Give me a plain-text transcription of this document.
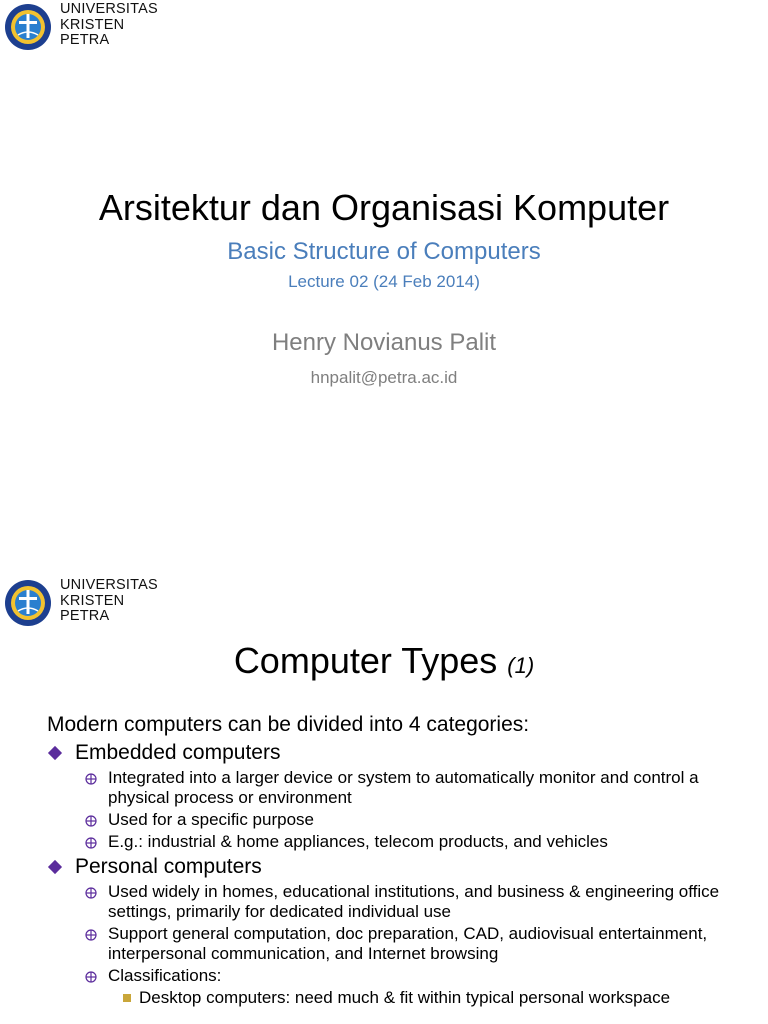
UNIVERSITAS
KRISTEN
PETRA
Arsitektur dan Organisasi Komputer
Basic Structure of Computers
Lecture 02 (24 Feb 2014)
Henry Novianus Palit
hnpalit@petra.ac.id
UNIVERSITAS
KRISTEN
PETRA
Computer Types (1)
Modern computers can be divided into 4 categories:
Embedded computers
Integrated into a larger device or system to automatically monitor and control a physical process or environment
Used for a specific purpose
E.g.: industrial & home appliances, telecom products, and vehicles
Personal computers
Used widely in homes, educational institutions, and business & engineering office settings, primarily for dedicated individual use
Support general computation, doc preparation, CAD, audiovisual entertainment, interpersonal communication, and Internet browsing
Classifications:
Desktop computers: need much & fit within typical personal workspace
